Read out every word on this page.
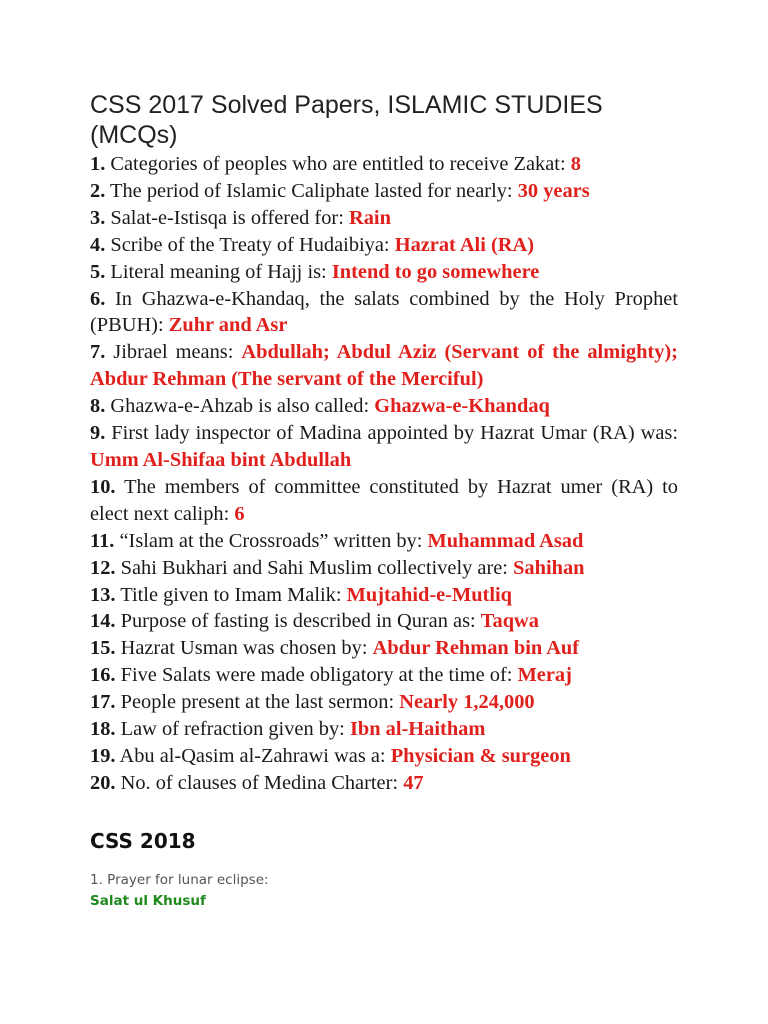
CSS 2017 Solved Papers, ISLAMIC STUDIES (MCQs)
1. Categories of peoples who are entitled to receive Zakat: 8
2. The period of Islamic Caliphate lasted for nearly: 30 years
3. Salat-e-Istisqa is offered for: Rain
4. Scribe of the Treaty of Hudaibiya: Hazrat Ali (RA)
5. Literal meaning of Hajj is: Intend to go somewhere
6. In Ghazwa-e-Khandaq, the salats combined by the Holy Prophet (PBUH): Zuhr and Asr
7. Jibrael means: Abdullah; Abdul Aziz (Servant of the almighty); Abdur Rehman (The servant of the Merciful)
8. Ghazwa-e-Ahzab is also called: Ghazwa-e-Khandaq
9. First lady inspector of Madina appointed by Hazrat Umar (RA) was: Umm Al-Shifaa bint Abdullah
10. The members of committee constituted by Hazrat umer (RA) to elect next caliph: 6
11. “Islam at the Crossroads” written by: Muhammad Asad
12. Sahi Bukhari and Sahi Muslim collectively are: Sahihan
13. Title given to Imam Malik: Mujtahid-e-Mutliq
14. Purpose of fasting is described in Quran as: Taqwa
15. Hazrat Usman was chosen by: Abdur Rehman bin Auf
16. Five Salats were made obligatory at the time of: Meraj
17. People present at the last sermon: Nearly 1,24,000
18. Law of refraction given by: Ibn al-Haitham
19. Abu al-Qasim al-Zahrawi was a: Physician & surgeon
20. No. of clauses of Medina Charter: 47
CSS 2018
1. Prayer for lunar eclipse:
Salat ul Khusuf
